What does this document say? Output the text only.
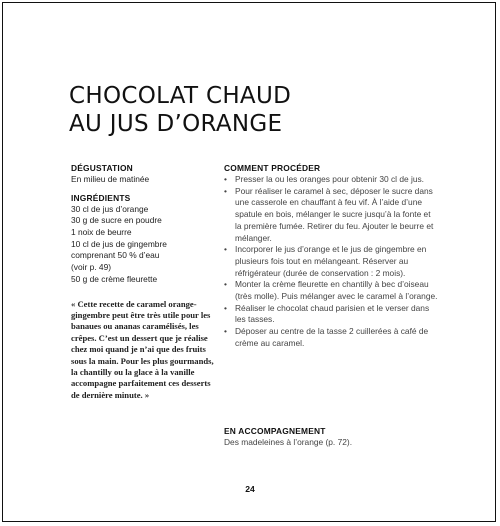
CHOCOLAT CHAUD
AU JUS D’ORANGE

DÉGUSTATION

En milieu de matinée

INGRÉDIENTS

30 cl de jus d’orange
30 g de sucre en poudre
1 noix de beurre
10 cl de jus de gingembre
comprenant 50 % d’eau
(voir p. 49)
50 g de crème fleurette

« Cette recette de caramel orange-gingembre peut être très utile pour les banaues ou ananas caramélisés, les crêpes. C’est un dessert que je réalise chez moi quand je n’ai que des fruits sous la main. Pour les plus gourmands, la chantilly ou la glace à la vanille accompagne parfaitement ces desserts de dernière minute. »

COMMENT PROCÉDER

• Presser la ou les oranges pour obtenir 30 cl de jus.
• Pour réaliser le caramel à sec, déposer le sucre dans une casserole en chauffant à feu vif. À l’aide d’une spatule en bois, mélanger le sucre jusqu’à la fonte et la première fumée. Retirer du feu. Ajouter le beurre et mélanger.
• Incorporer le jus d’orange et le jus de gingembre en plusieurs fois tout en mélangeant. Réserver au réfrigérateur (durée de conservation : 2 mois).
• Monter la crème fleurette en chantilly à bec d’oiseau (très molle). Puis mélanger avec le caramel à l’orange.
• Réaliser le chocolat chaud parisien et le verser dans les tasses.
• Déposer au centre de la tasse 2 cuillerées à café de crème au caramel.

EN ACCOMPAGNEMENT

Des madeleines à l’orange (p. 72).

24
